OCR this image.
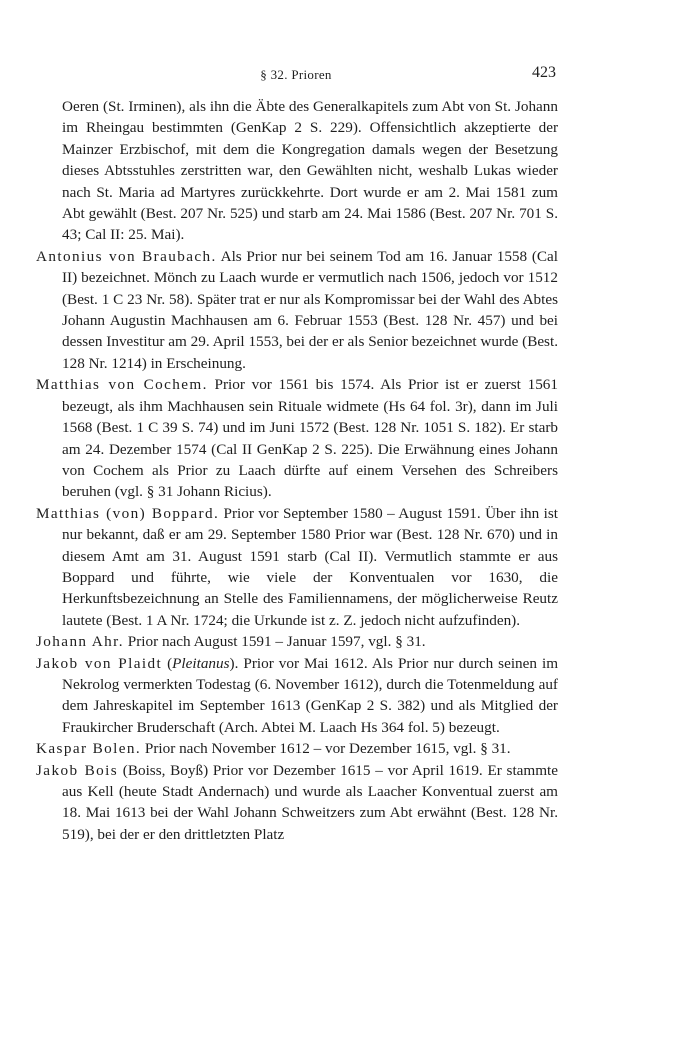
§ 32. Prioren	423

Oeren (St. Irminen), als ihn die Äbte des Generalkapitels zum Abt von St. Johann im Rheingau bestimmten (GenKap 2 S. 229). Offensichtlich akzeptierte der Mainzer Erzbischof, mit dem die Kongregation damals wegen der Besetzung dieses Abtsstuhles zerstritten war, den Gewählten nicht, weshalb Lukas wieder nach St. Maria ad Martyres zurückkehrte. Dort wurde er am 2. Mai 1581 zum Abt gewählt (Best. 207 Nr. 525) und starb am 24. Mai 1586 (Best. 207 Nr. 701 S. 43; Cal II: 25. Mai).

Antonius von Braubach. Als Prior nur bei seinem Tod am 16. Januar 1558 (Cal II) bezeichnet. Mönch zu Laach wurde er vermutlich nach 1506, jedoch vor 1512 (Best. 1 C 23 Nr. 58). Später trat er nur als Kompromissar bei der Wahl des Abtes Johann Augustin Machhausen am 6. Februar 1553 (Best. 128 Nr. 457) und bei dessen Investitur am 29. April 1553, bei der er als Senior bezeichnet wurde (Best. 128 Nr. 1214) in Erscheinung.

Matthias von Cochem. Prior vor 1561 bis 1574. Als Prior ist er zuerst 1561 bezeugt, als ihm Machhausen sein Rituale widmete (Hs 64 fol. 3r), dann im Juli 1568 (Best. 1 C 39 S. 74) und im Juni 1572 (Best. 128 Nr. 1051 S. 182). Er starb am 24. Dezember 1574 (Cal II GenKap 2 S. 225). Die Erwähnung eines Johann von Cochem als Prior zu Laach dürfte auf einem Versehen des Schreibers beruhen (vgl. § 31 Johann Ricius).

Matthias (von) Boppard. Prior vor September 1580 – August 1591. Über ihn ist nur bekannt, daß er am 29. September 1580 Prior war (Best. 128 Nr. 670) und in diesem Amt am 31. August 1591 starb (Cal II). Vermutlich stammte er aus Boppard und führte, wie viele der Konventualen vor 1630, die Herkunftsbezeichnung an Stelle des Familiennamens, der möglicherweise Reutz lautete (Best. 1 A Nr. 1724; die Urkunde ist z. Z. jedoch nicht aufzufinden).

Johann Ahr. Prior nach August 1591 – Januar 1597, vgl. § 31.

Jakob von Plaidt (Pleitanus). Prior vor Mai 1612. Als Prior nur durch seinen im Nekrolog vermerkten Todestag (6. November 1612), durch die Totenmeldung auf dem Jahreskapitel im September 1613 (GenKap 2 S. 382) und als Mitglied der Fraukircher Bruderschaft (Arch. Abtei M. Laach Hs 364 fol. 5) bezeugt.

Kaspar Bolen. Prior nach November 1612 – vor Dezember 1615, vgl. § 31.

Jakob Bois (Boiss, Boyß) Prior vor Dezember 1615 – vor April 1619. Er stammte aus Kell (heute Stadt Andernach) und wurde als Laacher Konventual zuerst am 18. Mai 1613 bei der Wahl Johann Schweitzers zum Abt erwähnt (Best. 128 Nr. 519), bei der er den drittletzten Platz
